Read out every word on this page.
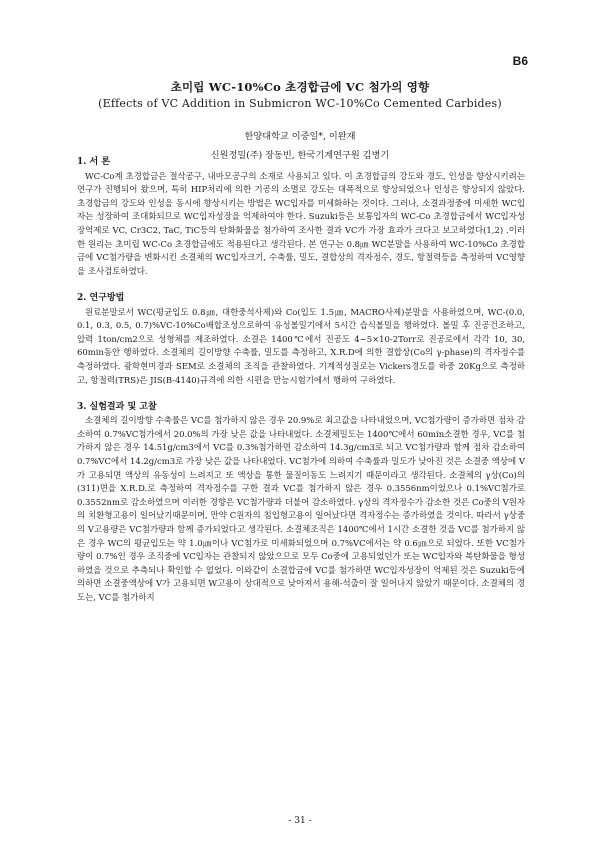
B6
초미립 WC-10%Co 초경합금에 VC 첨가의 영향
(Effects of VC Addition in Submicron WC-10%Co Cemented Carbides)
한양대학교 이중일*, 이완재
신원정밀(주) 장동빈, 한국기계연구원 김병기
1. 서 론

WC-Co계 초경합금은 절삭공구, 내마모공구의 소재로 사용되고 있다. 이 초경합금의 강도와 경도, 인성을 향상시키려는 연구가 진행되어 왔으며, 특히 HIP처리에 의한 기공의 소멸로 강도는 대폭적으로 향상되었으나 인성은 향상되지 않았다. 초경합금의 강도와 인성을 동시에 향상시키는 방법은 WC입자를 미세화하는 것이다. 그러나, 소결과정중에 미세한 WC입자는 성장하여 조대화되므로 WC입자성장을 억제하여야 한다. Suzuki등은 보통입자의 WC-Co 초경합금에서 WC입자성장억제로 VC, Cr3C2, TaC, TiC등의 탄화화물을 첨가하여 조사한 결과 VC가 가장 효과가 크다고 보고하였다(1,2) .이러한 원리는 초미립 WC-Co 초경합금에도 적용된다고 생각된다. 본 연구는 0.8㎛ WC분말을 사용하여 WC-10%Co 초경합금에 VC첨가량을 변화시킨 소결체의 WC입자크기, 수축률, 밀도, 결합상의 격자정수, 경도, 항절력등을 측정하여 VC영향을 조사검토하였다.

2. 연구방법

원료분말로서 WC(평균입도 0.8㎛, 대한중석사제)와 Co(입도 1.5㎛, MACRO사제)분말을 사용하였으며, WC-(0.0, 0.1, 0.3, 0.5, 0.7)%VC-10%Co배합조성으로하여 유성볼밀기에서 5시간 습식볼밀을 행하였다. 볼밀 후 진공건조하고, 압력 1ton/cm2으로 성형체를 제조하였다. 소결은 1400℃에서 진공도 4~5×10-2Torr로 진공로에서 각각 10, 30, 60min동안 행하였다. 소결체의 길이방향 수축률, 밀도를 측정하고, X.R.D에 의한 결합상(Co의 γ-phase)의 격자정수를 측정하였다. 광학현미경과 SEM로 소결체의 조직을 관찰하였다. 기계적성질로는 Vickers경도를 하중 20Kg으로 측정하고, 항절력(TRS)은 JIS(B-4140)규격에 의한 시편을 만능시험기에서 행하여 구하였다.

3. 실험결과 및 고찰

소결체의 길이방향 수축률은 VC를 첨가하지 않은 경우 20.9%로 최고값을 나타내었으며, VC첨가량이 증가하면 점차 감소하여 0.7%VC첨가에서 20.0%의 가장 낮은 값을 나타내었다. 소결체밀도는 1400℃에서 60min소결한 경우, VC를 첨가하지 않은 경우 14.51g/cm3에서 VC를 0.3%첨가하면 감소하여 14.3g/cm3로 되고 VC첨가량과 함께 점차 감소하여 0.7%VC에서 14.2g/cm3로 가장 낮은 값을 나타내었다. VC첨가에 의하여 수축률과 밀도가 낮아진 것은 소결중 액상에 V가 고용되면 액상의 유동성이 느려지고 또 액상을 통한 물질이동도 느려지기 때문이라고 생각된다. 소결체의 γ상(Co)의 (311)면을 X.R.D.로 측정하여 격자정수를 구한 결과 VC를 첨가하지 않은 경우 0.3556nm이었으나 0.1%VC첨가로 0.3552nm로 감소하였으며 이러한 경향은 VC첨가량과 더불어 감소하였다. γ상의 격자정수가 감소한 것은 Co중의 V원자의 치환형고용이 일어났기때문이며, 만약 C원자의 침입형고용이 일어났다면 격자정수는 증가하였을 것이다. 따라서 γ상중의 V고용량은 VC첨가량과 함께 증가되었다고 생각된다. 소결체조직은 1400℃에서 1시간 소결한 것을 VC를 첨가하지 않은 경우 WC의 평균입도는 약 1.0㎛이나 VC첨가로 미세화되었으며 0.7%VC에서는 약 0.6㎛으로 되었다. 또한 VC첨가량이 0.7%인 경우 조직중에 VC입자는 관찰되지 않았으므로 모두 Co중에 고용되었던가 또는 WC입자와 복탄화물을 형성하였을 것으로 추측되나 확인할 수 없었다. 이와같이 소결합금에 VC를 첨가하면 WC입자성장이 억제된 것은 Suzuki등에 의하면 소결중액상에 V가 고용되면 W고용이 상대적으로 낮아져서 용해-석출이 잘 일어나지 않았기 때문이다. 소결체의 경도는, VC를 첨가하지

- 31 -
